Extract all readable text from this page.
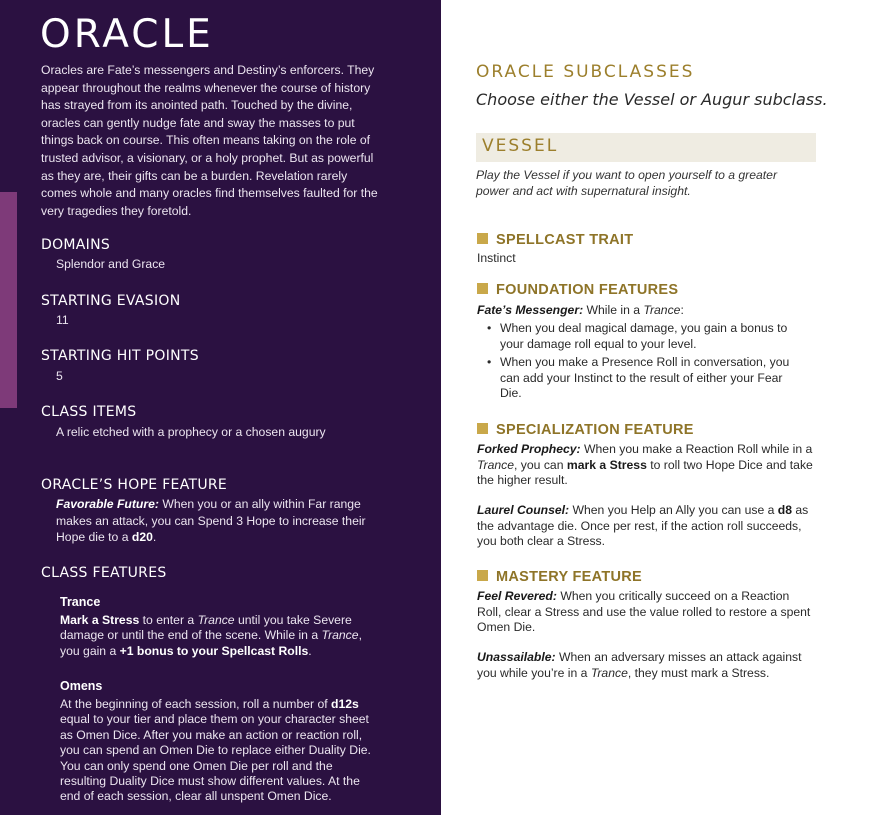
ORACLE

Oracles are Fate’s messengers and Destiny’s enforcers. They appear throughout the realms whenever the course of history has strayed from its anointed path. Touched by the divine, oracles can gently nudge fate and sway the masses to put things back on course. This often means taking on the role of trusted advisor, a visionary, or a holy prophet. But as powerful as they are, their gifts can be a burden. Revelation rarely comes whole and many oracles find themselves faulted for the very tragedies they foretold.

DOMAINS
Splendor and Grace
STARTING EVASION
11
STARTING HIT POINTS
5
CLASS ITEMS
A relic etched with a prophecy or a chosen augury
ORACLE’S HOPE FEATURE

Favorable Future: When you or an ally within Far range makes an attack, you can Spend 3 Hope to increase their Hope die to a d20.

CLASS FEATURES
Trance

Mark a Stress to enter a Trance until you take Severe damage or until the end of the scene. While in a Trance, you gain a +1 bonus to your Spellcast Rolls.

Omens

At the beginning of each session, roll a number of d12s equal to your tier and place them on your character sheet as Omen Dice. After you make an action or reaction roll, you can spend an Omen Die to replace either Duality Die. You can only spend one Omen Die per roll and the resulting Duality Dice must show different values. At the end of each session, clear all unspent Omen Dice.

ORACLE SUBCLASSES
Choose either the Vessel or Augur subclass.
VESSEL

Play the Vessel if you want to open yourself to a greater power and act with supernatural insight.

SPELLCAST TRAIT
Instinct
FOUNDATION FEATURES

Fate’s Messenger: While in a Trance:

• When you deal magical damage, you gain a bonus to your damage roll equal to your level.
• When you make a Presence Roll in conversation, you can add your Instinct to the result of either your Fear Die.
SPECIALIZATION FEATURE

Forked Prophecy: When you make a Reaction Roll while in a Trance, you can mark a Stress to roll two Hope Dice and take the higher result.

Laurel Counsel: When you Help an Ally you can use a d8 as the advantage die. Once per rest, if the action roll succeeds, you both clear a Stress.

MASTERY FEATURE

Feel Revered: When you critically succeed on a Reaction Roll, clear a Stress and use the value rolled to restore a spent Omen Die.

Unassailable: When an adversary misses an attack against you while you’re in a Trance, they must mark a Stress.
